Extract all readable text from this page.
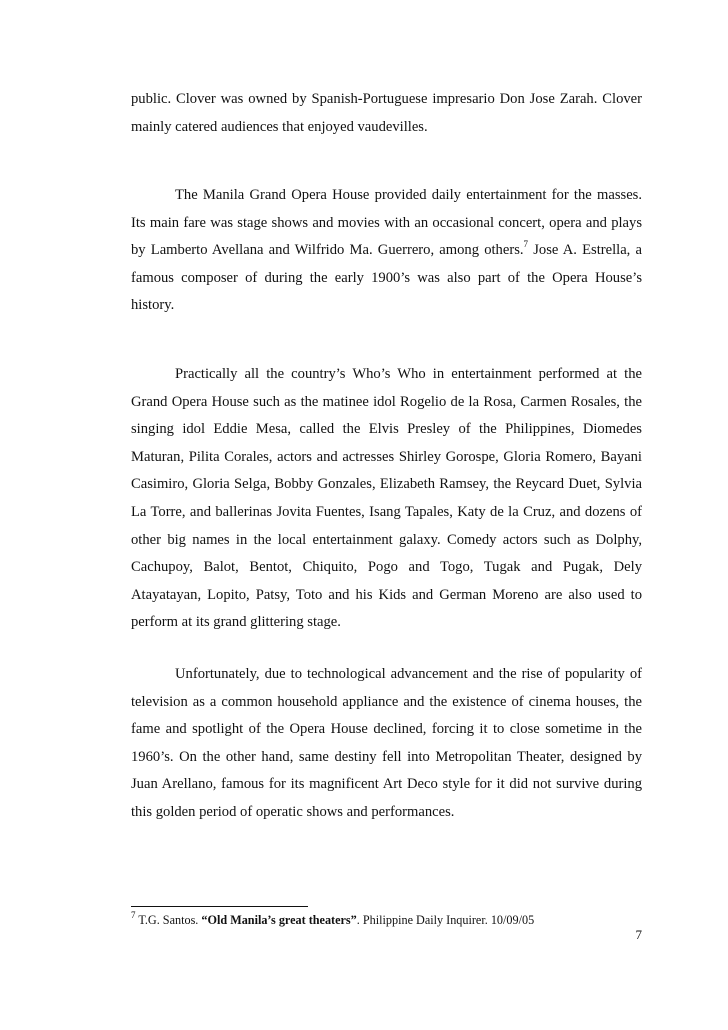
public. Clover was owned by Spanish-Portuguese impresario Don Jose Zarah. Clover mainly catered audiences that enjoyed vaudevilles.

The Manila Grand Opera House provided daily entertainment for the masses. Its main fare was stage shows and movies with an occasional concert, opera and plays by Lamberto Avellana and Wilfrido Ma. Guerrero, among others.$^7$ Jose A. Estrella, a famous composer of during the early 1900’s was also part of the Opera House’s history.

Practically all the country’s Who’s Who in entertainment performed at the Grand Opera House such as the matinee idol Rogelio de la Rosa, Carmen Rosales, the singing idol Eddie Mesa, called the Elvis Presley of the Philippines, Diomedes Maturan, Pilita Corales, actors and actresses Shirley Gorospe, Gloria Romero, Bayani Casimiro, Gloria Selga, Bobby Gonzales, Elizabeth Ramsey, the Reycard Duet, Sylvia La Torre, and ballerinas Jovita Fuentes, Isang Tapales, Katy de la Cruz, and dozens of other big names in the local entertainment galaxy. Comedy actors such as Dolphy, Cachupoy, Balot, Bentot, Chiquito, Pogo and Togo, Tugak and Pugak, Dely Atayatayan, Lopito, Patsy, Toto and his Kids and German Moreno are also used to perform at its grand glittering stage.

Unfortunately, due to technological advancement and the rise of popularity of television as a common household appliance and the existence of cinema houses, the fame and spotlight of the Opera House declined, forcing it to close sometime in the 1960’s. On the other hand, same destiny fell into Metropolitan Theater, designed by Juan Arellano, famous for its magnificent Art Deco style for it did not survive during this golden period of operatic shows and performances.

$^7$ T.G. Santos. “Old Manila’s great theaters”. Philippine Daily Inquirer. 10/09/05

7
